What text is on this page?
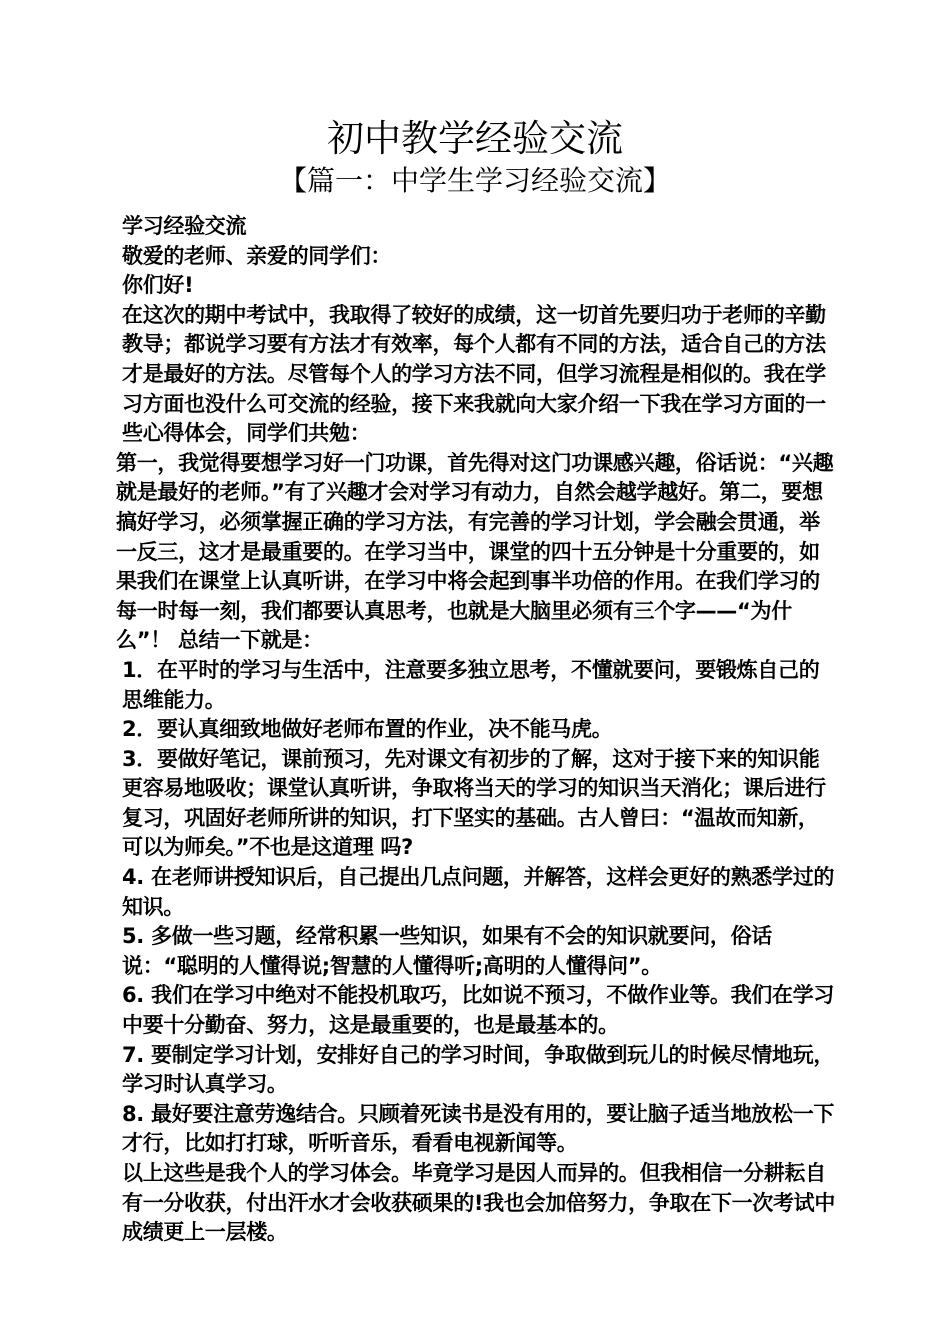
初中教学经验交流
【篇一：中学生学习经验交流】

学习经验交流

敬爱的老师、亲爱的同学们：

你们好!

在这次的期中考试中，我取得了较好的成绩，这一切首先要归功于老师的辛勤教导；都说学习要有方法才有效率，每个人都有不同的方法，适合自己的方法才是最好的方法。尽管每个人的学习方法不同，但学习流程是相似的。我在学习方面也没什么可交流的经验，接下来我就向大家介绍一下我在学习方面的一些心得体会，同学们共勉：

第一，我觉得要想学习好一门功课，首先得对这门功课感兴趣，俗话说：“兴趣就是最好的老师。”有了兴趣才会对学习有动力，自然会越学越好。第二，要想搞好学习，必须掌握正确的学习方法，有完善的学习计划，学会融会贯通，举一反三，这才是最重要的。在学习当中，课堂的四十五分钟是十分重要的，如果我们在课堂上认真听讲，在学习中将会起到事半功倍的作用。在我们学习的每一时每一刻，我们都要认真思考，也就是大脑里必须有三个字——“为什么”！ 总结一下就是：

1．在平时的学习与生活中，注意要多独立思考，不懂就要问，要锻炼自己的思维能力。

2．要认真细致地做好老师布置的作业，决不能马虎。

3．要做好笔记，课前预习，先对课文有初步的了解，这对于接下来的知识能更容易地吸收；课堂认真听讲，争取将当天的学习的知识当天消化；课后进行复习，巩固好老师所讲的知识，打下坚实的基础。古人曾曰：“温故而知新，可以为师矣。”不也是这道理 吗?

4. 在老师讲授知识后，自己提出几点问题，并解答，这样会更好的熟悉学过的知识。

5. 多做一些习题，经常积累一些知识，如果有不会的知识就要问，俗话说：“聪明的人懂得说;智慧的人懂得听;高明的人懂得问”。

6. 我们在学习中绝对不能投机取巧，比如说不预习，不做作业等。我们在学习中要十分勤奋、努力，这是最重要的，也是最基本的。

7. 要制定学习计划，安排好自己的学习时间，争取做到玩儿的时候尽情地玩，学习时认真学习。

8. 最好要注意劳逸结合。只顾着死读书是没有用的，要让脑子适当地放松一下才行，比如打打球，听听音乐，看看电视新闻等。

以上这些是我个人的学习体会。毕竟学习是因人而异的。但我相信一分耕耘自有一分收获，付出汗水才会收获硕果的!我也会加倍努力，争取在下一次考试中成绩更上一层楼。
